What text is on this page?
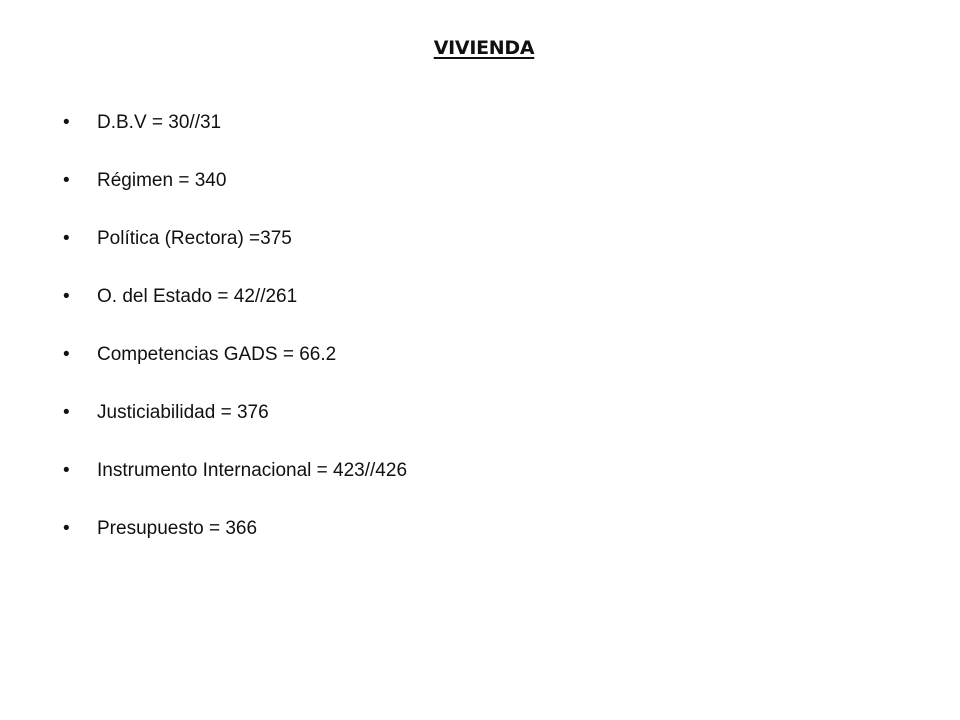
VIVIENDA
• D.B.V = 30//31
• Régimen = 340
• Política (Rectora) =375
• O. del Estado = 42//261
• Competencias GADS = 66.2
• Justiciabilidad = 376
• Instrumento Internacional = 423//426
• Presupuesto = 366
